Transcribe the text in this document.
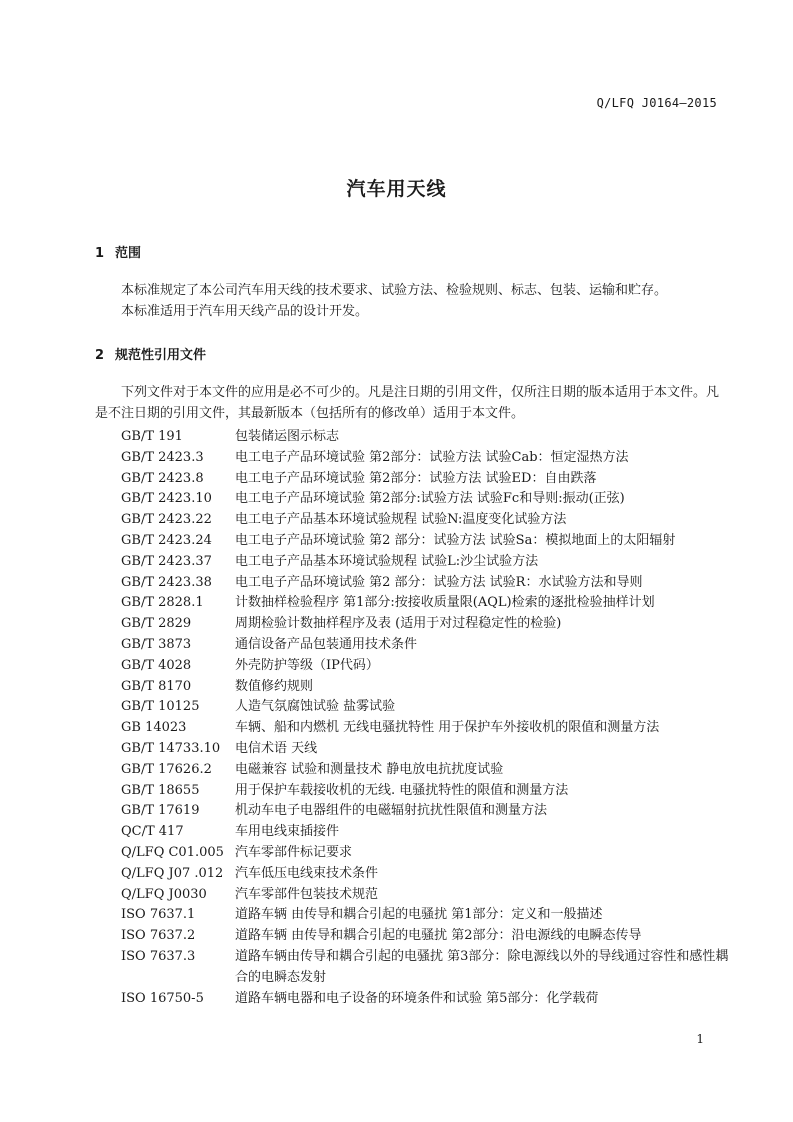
Q/LFQ J0164—2015
汽车用天线
1 范围
本标准规定了本公司汽车用天线的技术要求、试验方法、检验规则、标志、包装、运输和贮存。
本标准适用于汽车用天线产品的设计开发。
2 规范性引用文件
下列文件对于本文件的应用是必不可少的。凡是注日期的引用文件，仅所注日期的版本适用于本文件。凡是不注日期的引用文件，其最新版本（包括所有的修改单）适用于本文件。
GB/T 191	包装储运图示标志
GB/T 2423.3	电工电子产品环境试验 第2部分：试验方法 试验Cab：恒定湿热方法
GB/T 2423.8	电工电子产品环境试验 第2部分：试验方法 试验ED：自由跌落
GB/T 2423.10	电工电子产品环境试验 第2部分:试验方法 试验Fc和导则:振动(正弦)
GB/T 2423.22	电工电子产品基本环境试验规程 试验N:温度变化试验方法
GB/T 2423.24	电工电子产品环境试验 第2 部分：试验方法 试验Sa：模拟地面上的太阳辐射
GB/T 2423.37	电工电子产品基本环境试验规程 试验L:沙尘试验方法
GB/T 2423.38	电工电子产品环境试验 第2 部分：试验方法 试验R：水试验方法和导则
GB/T 2828.1	计数抽样检验程序 第1部分:按接收质量限(AQL)检索的逐批检验抽样计划
GB/T 2829	周期检验计数抽样程序及表 (适用于对过程稳定性的检验)
GB/T 3873	通信设备产品包装通用技术条件
GB/T 4028	外壳防护等级（IP代码）
GB/T 8170	数值修约规则
GB/T 10125	人造气氛腐蚀试验 盐雾试验
GB 14023	车辆、船和内燃机 无线电骚扰特性 用于保护车外接收机的限值和测量方法
GB/T 14733.10	电信术语 天线
GB/T 17626.2	电磁兼容 试验和测量技术 静电放电抗扰度试验
GB/T 18655	用于保护车载接收机的无线. 电骚扰特性的限值和测量方法
GB/T 17619	机动车电子电器组件的电磁辐射抗扰性限值和测量方法
QC/T 417	车用电线束插接件
Q/LFQ C01.005 汽车零部件标记要求
Q/LFQ J07 .012 汽车低压电线束技术条件
Q/LFQ J0030	汽车零部件包装技术规范
ISO 7637.1	道路车辆 由传导和耦合引起的电骚扰 第1部分：定义和一般描述
ISO 7637.2	道路车辆 由传导和耦合引起的电骚扰 第2部分：沿电源线的电瞬态传导
ISO 7637.3	道路车辆由传导和耦合引起的电骚扰 第3部分：除电源线以外的导线通过容性和感性耦合的电瞬态发射
ISO 16750-5	道路车辆电器和电子设备的环境条件和试验 第5部分：化学载荷
1
